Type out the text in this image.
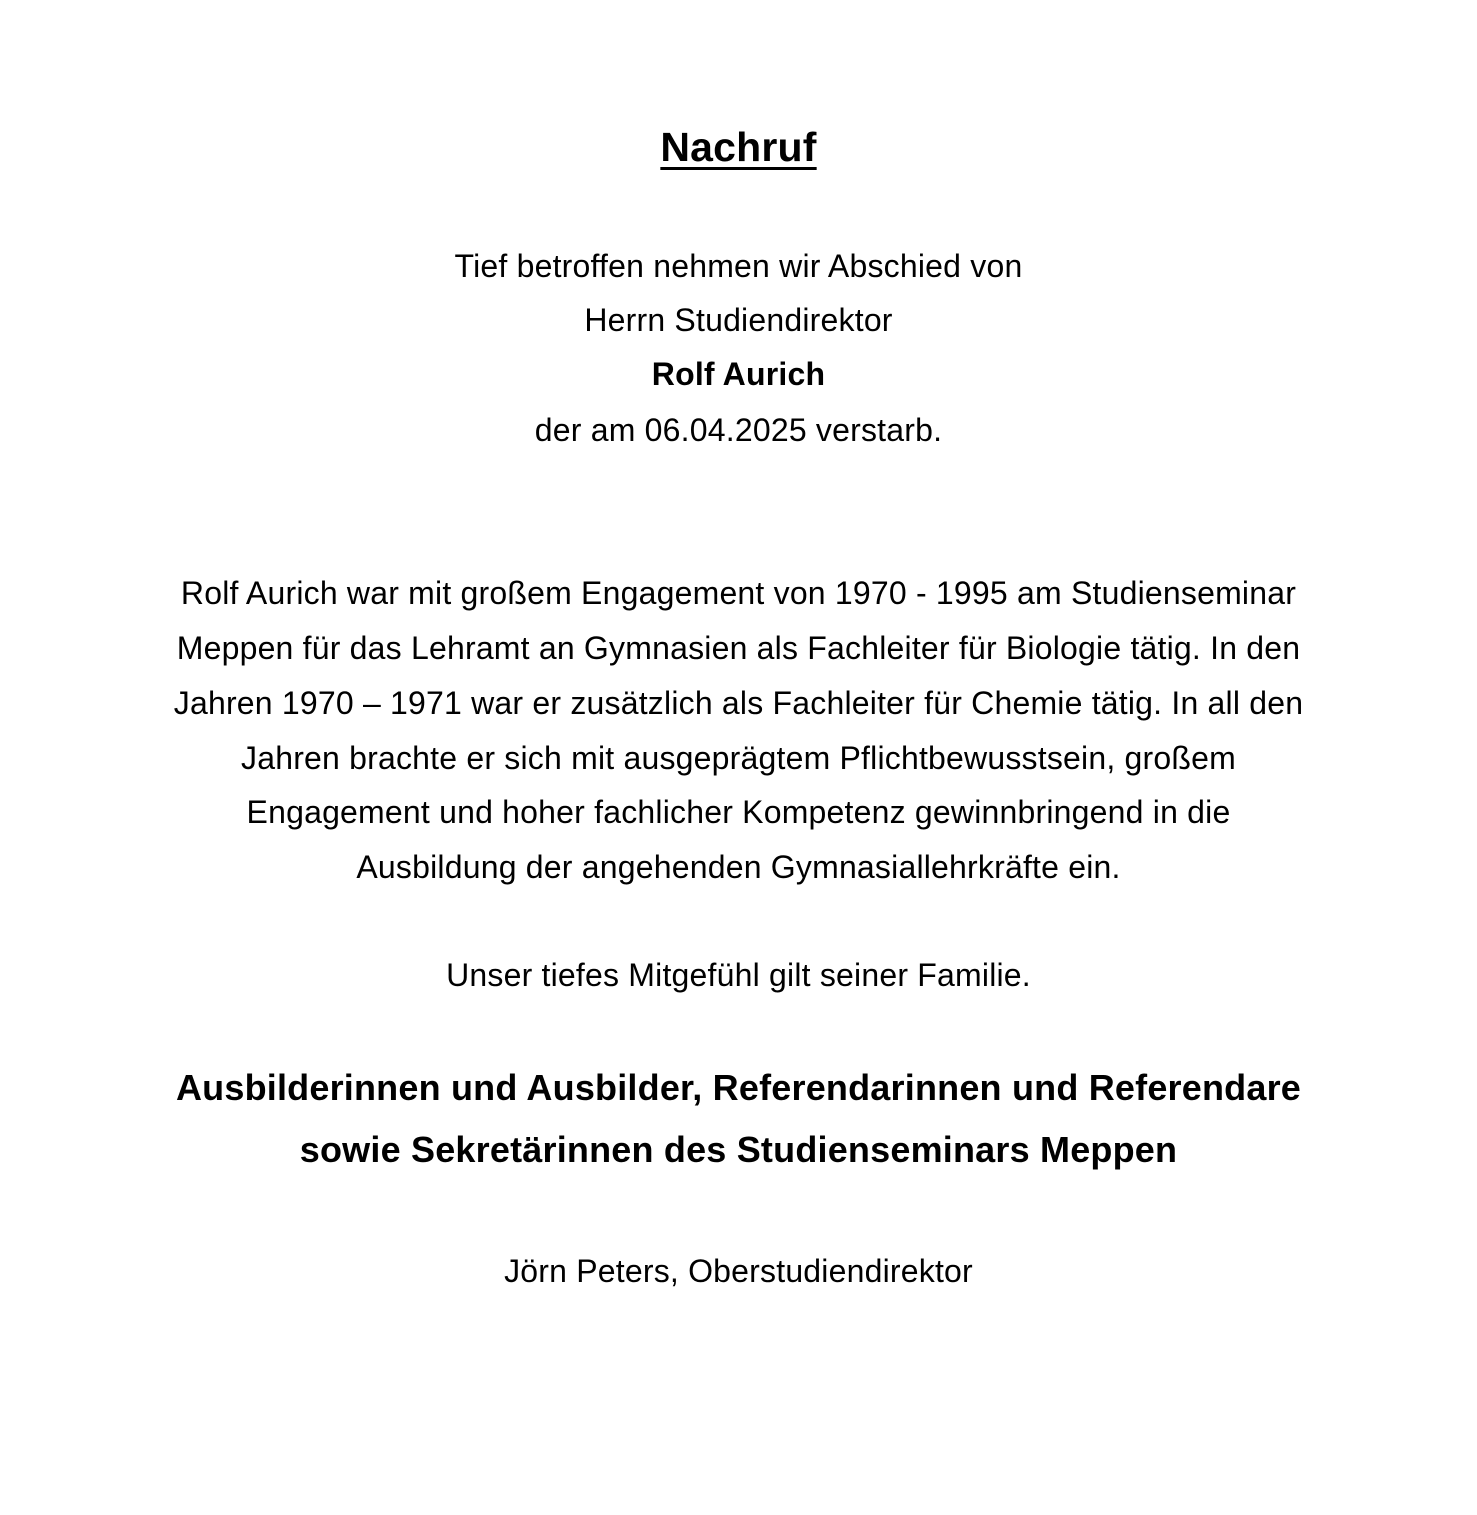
Nachruf
Tief betroffen nehmen wir Abschied von
Herrn Studiendirektor
Rolf Aurich
der am 06.04.2025 verstarb.
Rolf Aurich war mit großem Engagement von 1970 - 1995 am Studienseminar
Meppen für das Lehramt an Gymnasien als Fachleiter für Biologie tätig. In den
Jahren 1970 – 1971 war er zusätzlich als Fachleiter für Chemie tätig. In all den
Jahren brachte er sich mit ausgeprägtem Pflichtbewusstsein, großem
Engagement und hoher fachlicher Kompetenz gewinnbringend in die
Ausbildung der angehenden Gymnasiallehrkräfte ein.
Unser tiefes Mitgefühl gilt seiner Familie.
Ausbilderinnen und Ausbilder, Referendarinnen und Referendare
sowie Sekretärinnen des Studienseminars Meppen
Jörn Peters, Oberstudiendirektor
